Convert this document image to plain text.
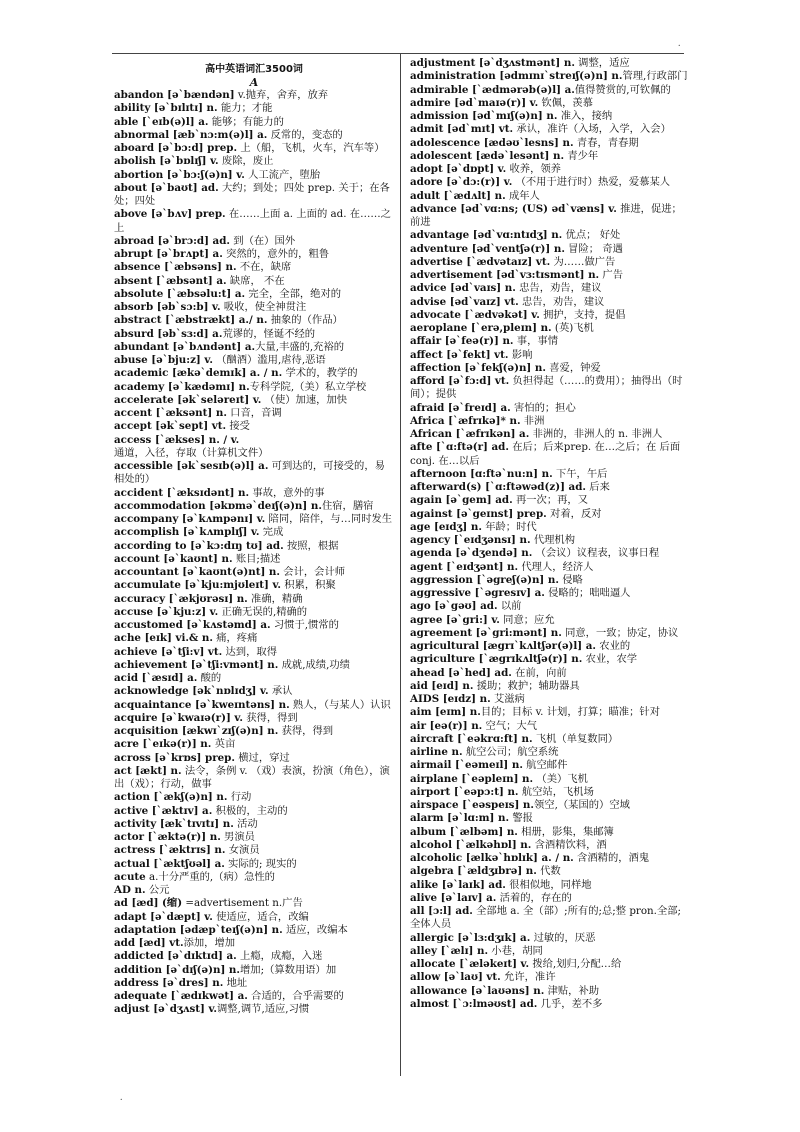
.
.
高中英语词汇3500词
A
abandon [ə`bændən] v.抛弃，舍弃，放弃
ability [ə`bɪlɪtɪ] n. 能力；才能
able [`eɪb(ə)l] a. 能够；有能力的
abnormal [æb`nɔ:m(ə)l] a. 反常的，变态的
aboard [ə`bɔ:d] prep. 上（船，飞机，火车，汽车等）
abolish [ə`bɒlɪʃ] v. 废除，废止
abortion [ə`bɔ:ʃ(ə)n] v. 人工流产，堕胎
about [ə`baʊt] ad. 大约；到处；四处 prep. 关于；在各处；四处
above [ə`bʌv] prep. 在……上面 a. 上面的 ad. 在……之上
abroad [ə`brɔ:d] ad. 到（在）国外
abrupt [ə`brʌpt] a. 突然的，意外的，粗鲁
absence [`æbsəns] n. 不在，缺席
absent [`æbsənt] a. 缺席， 不在
absolute [`æbsəlu:t] a. 完全，全部，绝对的
absorb [əb`sɔ:b] v. 吸收，使全神贯注
abstract [`æbstrækt] a./ n. 抽象的（作品）
absurd [əb`sɜ:d] a.荒谬的，怪诞不经的
abundant [ə`bʌndənt] a.大量,丰盛的,充裕的
abuse [ə`bju:z] v. （酗酒）滥用,虐待,恶语
academic [ækə`demɪk] a. / n. 学术的，教学的
academy [ə`kædəmɪ] n.专科学院,（美）私立学校
accelerate [ək`seləreɪt] v. （使）加速，加快
accent [`æksənt] n. 口音，音调
accept [ək`sept] vt. 接受
access [`ækses] n. / v. 通道，入径，存取（计算机文件）
accessible [ək`sesɪb(ə)l] a. 可到达的，可接受的，易相处的）
accident [`æksɪdənt] n. 事故，意外的事
accommodation [əkɒmə`deɪʃ(ə)n] n.住宿，膳宿
accompany [ə`kʌmpənɪ] v. 陪同，陪伴，与…同时发生
accomplish [ə`kʌmplɪʃ] v. 完成
according to [ə`kɔ:dɪŋ tʊ] ad. 按照，根据
account [ə`kaʊnt] n. 账目;描述
accountant [ə`kaʊnt(ə)nt] n. 会计，会计师
accumulate [ə`kju:mjʊleɪt] v. 积累，积聚
accuracy [`ækjʊrəsɪ] n. 准确，精确
accuse [ə`kju:z] v. 正确无误的,精确的
accustomed [ə`kʌstəmd] a. 习惯于,惯常的
ache [eɪk] vi.& n. 痛，疼痛
achieve [ə`tʃi:v] vt. 达到，取得
achievement [ə`tʃi:vmənt] n. 成就,成绩,功绩
acid [`æsɪd] a. 酸的
acknowledge [ək`nɒlɪdʒ] v. 承认
acquaintance [ə`kweɪntəns] n. 熟人，（与某人）认识
acquire [ə`kwaɪə(r)] v. 获得，得到
acquisition [ækwɪ`zɪʃ(ə)n] n. 获得，得到
acre [`eɪkə(r)] n. 英亩
across [ə`krɒs] prep. 横过，穿过
act [ækt] n. 法令，条例 v. （戏）表演，扮演（角色），演出（戏）；行动，做事
action [`ækʃ(ə)n] n. 行动
active [`æktɪv] a. 积极的，主动的
activity [æk`tɪvɪtɪ] n. 活动
actor [`æktə(r)] n. 男演员
actress [`æktrɪs] n. 女演员
actual [`æktʃʊəl] a. 实际的; 现实的
acute a.十分严重的,（病）急性的
AD n. 公元
ad [æd] (缩) =advertisement n.广告
adapt [ə`dæpt] v. 使适应，适合，改编
adaptation [ədæp`teɪʃ(ə)n] n. 适应，改编本
add [æd] vt.添加，增加
addicted [ə`dɪktɪd] a. 上瘾，成瘾，入迷
addition [ə`dɪʃ(ə)n] n.增加;（算数用语）加
address [ə`dres] n. 地址
adequate [`ædɪkwət] a. 合适的，合乎需要的
adjust [ə`dʒʌst] v.调整,调节,适应,习惯
adjustment [ə`dʒʌstmənt] n. 调整，适应
administration [ədmɪnɪ`streɪʃ(ə)n] n.管理,行政部门
admirable [`ædmərəb(ə)l] a.值得赞赏的,可钦佩的
admire [əd`maɪə(r)] v. 钦佩，羡慕
admission [əd`mɪʃ(ə)n] n. 准入，接纳
admit [əd`mɪt] vt. 承认，准许（入场，入学，入会）
adolescence [ædəʊ`lesns] n. 青春，青春期
adolescent [ædə`lesənt] n. 青少年
adopt [ə`dɒpt] v. 收养，领养
adore [ə`dɔ:(r)] v. （不用于进行时）热爱，爱慕某人
adult [`ædʌlt] n. 成年人
advance [əd`vɑ:ns; (US) əd`væns] v. 推进，促进；前进
advantage [əd`vɑ:ntɪdʒ] n. 优点； 好处
adventure [əd`ventʃə(r)] n. 冒险； 奇遇
advertise [`ædvətaɪz] vt. 为……做广告
advertisement [əd`vɜ:tɪsmənt] n. 广告
advice [əd`vaɪs] n. 忠告，劝告，建议
advise [əd`vaɪz] vt. 忠告，劝告，建议
advocate [`ædvəkət] v. 拥护，支持，提倡
aeroplane [`erə,pleɪn] n. (英)飞机
affair [ə`feə(r)] n. 事，事情
affect [ə`fekt] vt. 影响
affection [ə`fekʃ(ə)n] n. 喜爱，钟爱
afford [ə`fɔ:d] vt. 负担得起（……的费用）；抽得出（时间）；提供
afraid [ə`freɪd] a. 害怕的；担心
Africa [`æfrɪkə]* n. 非洲
African [`æfrɪkən] a. 非洲的，非洲人的 n. 非洲人
afte [`ɑ:ftə(r] ad. 在后；后来prep. 在…之后；在 后面 conj. 在…以后
afternoon [ɑ:ftə`nu:n] n. 下午，午后
afterward(s) [`ɑ:ftəwəd(z)] ad. 后来
again [ə`gem] ad. 再一次；再，又
against [ə`geɪnst] prep. 对着，反对
age [eɪdʒ] n. 年龄；时代
agency [`eɪdʒənsɪ] n. 代理机构
agenda [ə`dʒendə] n. （会议）议程表，议事日程
agent [`eɪdʒənt] n. 代理人，经济人
aggression [`əgreʃ(ə)n] n. 侵略
aggressive [`əgresɪv] a. 侵略的；咄咄逼人
ago [ə`gəʊ] ad. 以前
agree [ə`gri:] v. 同意；应允
agreement [ə`gri:mənt] n. 同意，一致；协定，协议
agricultural [ægrɪ`kʌltʃər(ə)l] a. 农业的
agriculture [`ægrɪkʌltʃə(r)] n. 农业，农学
ahead [ə`hed] ad. 在前，向前
aid [eɪd] n. 援助；救护；辅助器具
AIDS [eɪdz] n. 艾滋病
aim [eɪm] n.目的；目标 v. 计划，打算；瞄准；针对
air [eə(r)] n. 空气；大气
aircraft [`eəkrɑ:ft] n. 飞机（单复数同）
airline n. 航空公司；航空系统
airmail [`eəmeɪl] n. 航空邮件
airplane [`eəpleɪn] n. （美）飞机
airport [`eəpɔ:t] n. 航空站，飞机场
airspace [`eəspeɪs] n.领空,（某国的）空域
alarm [ə`lɑ:m] n. 警报
album [`ælbəm] n. 相册，影集，集邮簿
alcohol [`ælkəhɒl] n. 含酒精饮料，酒
alcoholic [ælkə`hɒlɪk] a. / n. 含酒精的，酒鬼
algebra [`ældʒɪbrə] n. 代数
alike [ə`laɪk] ad. 很相似地，同样地
alive [ə`laɪv] a. 活着的，存在的
all [ɔ:l] ad. 全部地 a. 全（部）;所有的;总;整 pron.全部;全体人员
allergic [ə`lɜ:dʒɪk] a. 过敏的，厌恶
alley [`ælɪ] n. 小巷，胡同
allocate [`æləkeɪt] v. 拨给,划归,分配…给
allow [ə`laʊ] vt. 允许，准许
allowance [ə`laʊəns] n. 津贴，补助
almost [`ɔ:lməʊst] ad. 几乎，差不多
